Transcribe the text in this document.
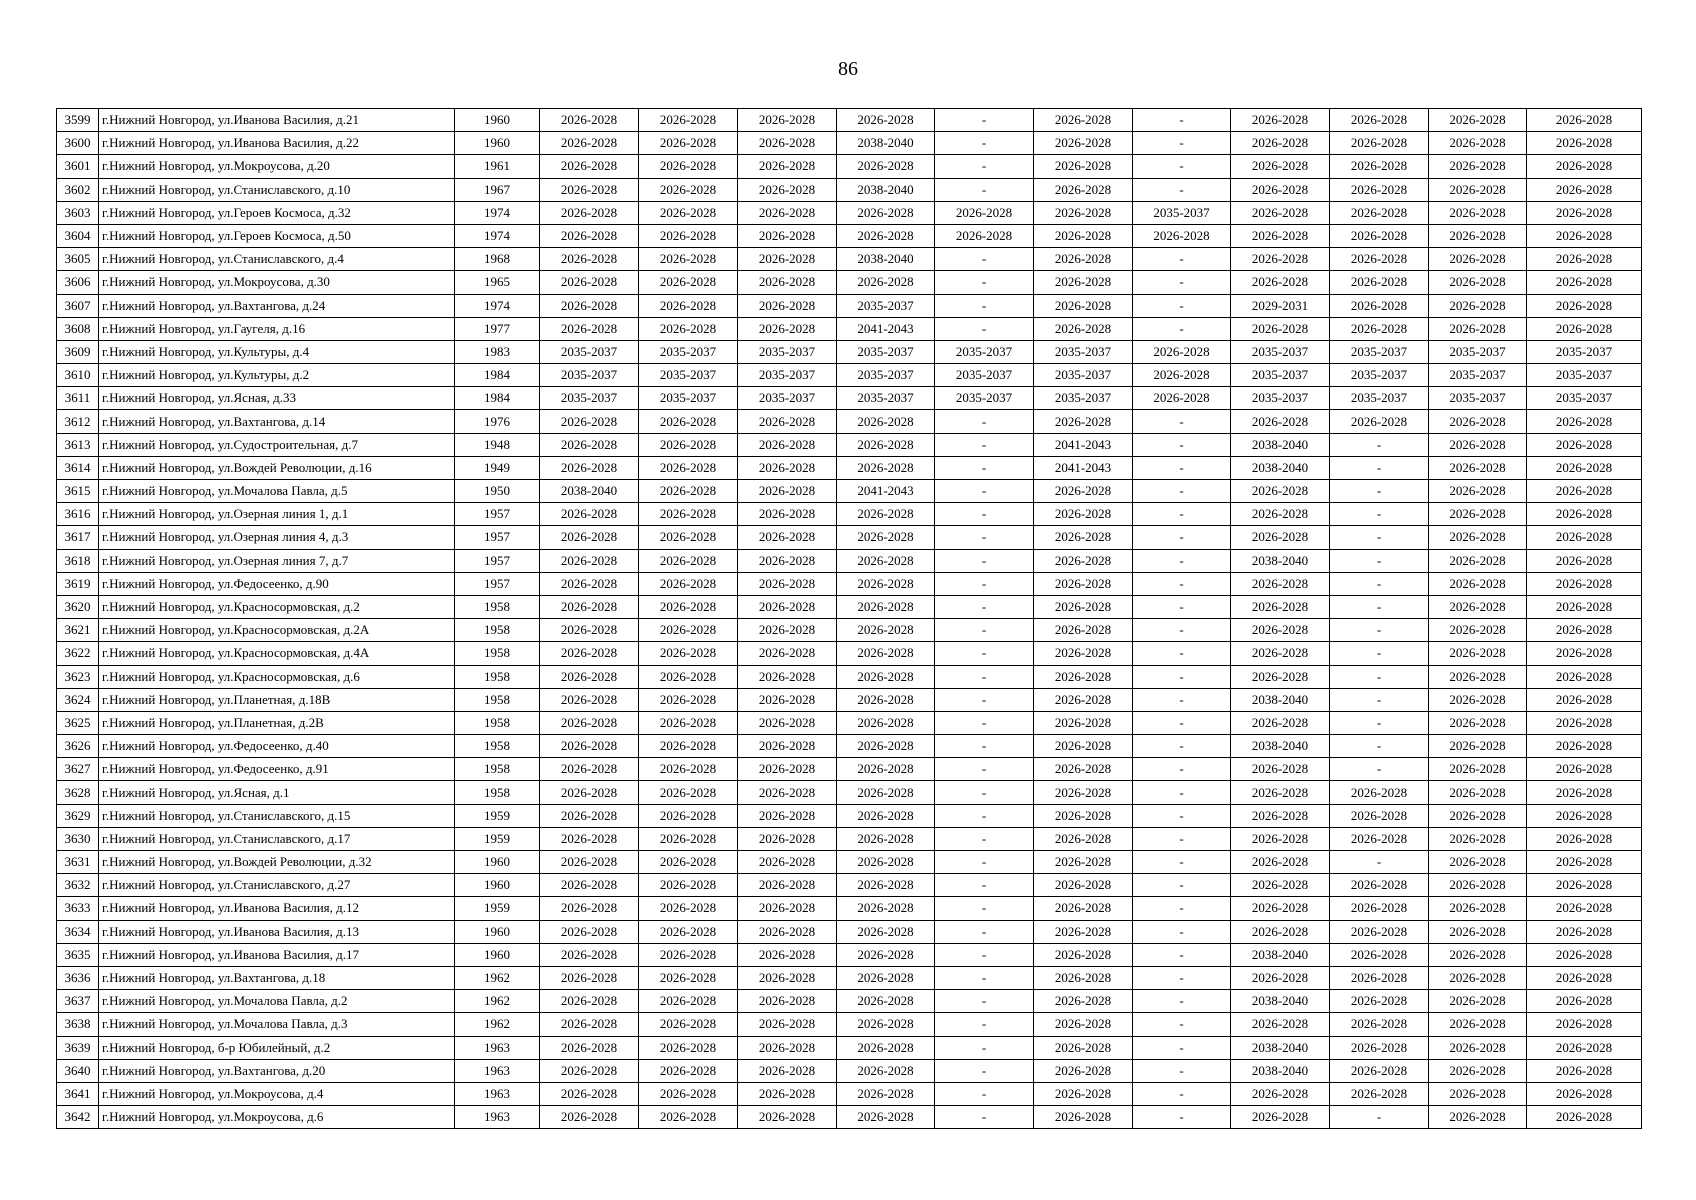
86
3599	г.Нижний Новгород, ул.Иванова Василия, д.21	1960	2026-2028	2026-2028	2026-2028	2026-2028	-	2026-2028	-	2026-2028	2026-2028	2026-2028	2026-2028
3600	г.Нижний Новгород, ул.Иванова Василия, д.22	1960	2026-2028	2026-2028	2026-2028	2038-2040	-	2026-2028	-	2026-2028	2026-2028	2026-2028	2026-2028
3601	г.Нижний Новгород, ул.Мокроусова, д.20	1961	2026-2028	2026-2028	2026-2028	2026-2028	-	2026-2028	-	2026-2028	2026-2028	2026-2028	2026-2028
3602	г.Нижний Новгород, ул.Станиславского, д.10	1967	2026-2028	2026-2028	2026-2028	2038-2040	-	2026-2028	-	2026-2028	2026-2028	2026-2028	2026-2028
3603	г.Нижний Новгород, ул.Героев Космоса, д.32	1974	2026-2028	2026-2028	2026-2028	2026-2028	2026-2028	2026-2028	2035-2037	2026-2028	2026-2028	2026-2028	2026-2028
3604	г.Нижний Новгород, ул.Героев Космоса, д.50	1974	2026-2028	2026-2028	2026-2028	2026-2028	2026-2028	2026-2028	2026-2028	2026-2028	2026-2028	2026-2028	2026-2028
3605	г.Нижний Новгород, ул.Станиславского, д.4	1968	2026-2028	2026-2028	2026-2028	2038-2040	-	2026-2028	-	2026-2028	2026-2028	2026-2028	2026-2028
3606	г.Нижний Новгород, ул.Мокроусова, д.30	1965	2026-2028	2026-2028	2026-2028	2026-2028	-	2026-2028	-	2026-2028	2026-2028	2026-2028	2026-2028
3607	г.Нижний Новгород, ул.Вахтангова, д.24	1974	2026-2028	2026-2028	2026-2028	2035-2037	-	2026-2028	-	2029-2031	2026-2028	2026-2028	2026-2028
3608	г.Нижний Новгород, ул.Гаугеля, д.16	1977	2026-2028	2026-2028	2026-2028	2041-2043	-	2026-2028	-	2026-2028	2026-2028	2026-2028	2026-2028
3609	г.Нижний Новгород, ул.Культуры, д.4	1983	2035-2037	2035-2037	2035-2037	2035-2037	2035-2037	2035-2037	2026-2028	2035-2037	2035-2037	2035-2037	2035-2037
3610	г.Нижний Новгород, ул.Культуры, д.2	1984	2035-2037	2035-2037	2035-2037	2035-2037	2035-2037	2035-2037	2026-2028	2035-2037	2035-2037	2035-2037	2035-2037
3611	г.Нижний Новгород, ул.Ясная, д.33	1984	2035-2037	2035-2037	2035-2037	2035-2037	2035-2037	2035-2037	2026-2028	2035-2037	2035-2037	2035-2037	2035-2037
3612	г.Нижний Новгород, ул.Вахтангова, д.14	1976	2026-2028	2026-2028	2026-2028	2026-2028	-	2026-2028	-	2026-2028	2026-2028	2026-2028	2026-2028
3613	г.Нижний Новгород, ул.Судостроительная, д.7	1948	2026-2028	2026-2028	2026-2028	2026-2028	-	2041-2043	-	2038-2040	-	2026-2028	2026-2028
3614	г.Нижний Новгород, ул.Вождей Революции, д.16	1949	2026-2028	2026-2028	2026-2028	2026-2028	-	2041-2043	-	2038-2040	-	2026-2028	2026-2028
3615	г.Нижний Новгород, ул.Мочалова Павла, д.5	1950	2038-2040	2026-2028	2026-2028	2041-2043	-	2026-2028	-	2026-2028	-	2026-2028	2026-2028
3616	г.Нижний Новгород, ул.Озерная линия 1, д.1	1957	2026-2028	2026-2028	2026-2028	2026-2028	-	2026-2028	-	2026-2028	-	2026-2028	2026-2028
3617	г.Нижний Новгород, ул.Озерная линия 4, д.3	1957	2026-2028	2026-2028	2026-2028	2026-2028	-	2026-2028	-	2026-2028	-	2026-2028	2026-2028
3618	г.Нижний Новгород, ул.Озерная линия 7, д.7	1957	2026-2028	2026-2028	2026-2028	2026-2028	-	2026-2028	-	2038-2040	-	2026-2028	2026-2028
3619	г.Нижний Новгород, ул.Федосеенко, д.90	1957	2026-2028	2026-2028	2026-2028	2026-2028	-	2026-2028	-	2026-2028	-	2026-2028	2026-2028
3620	г.Нижний Новгород, ул.Красносормовская, д.2	1958	2026-2028	2026-2028	2026-2028	2026-2028	-	2026-2028	-	2026-2028	-	2026-2028	2026-2028
3621	г.Нижний Новгород, ул.Красносормовская, д.2А	1958	2026-2028	2026-2028	2026-2028	2026-2028	-	2026-2028	-	2026-2028	-	2026-2028	2026-2028
3622	г.Нижний Новгород, ул.Красносормовская, д.4А	1958	2026-2028	2026-2028	2026-2028	2026-2028	-	2026-2028	-	2026-2028	-	2026-2028	2026-2028
3623	г.Нижний Новгород, ул.Красносормовская, д.6	1958	2026-2028	2026-2028	2026-2028	2026-2028	-	2026-2028	-	2026-2028	-	2026-2028	2026-2028
3624	г.Нижний Новгород, ул.Планетная, д.18В	1958	2026-2028	2026-2028	2026-2028	2026-2028	-	2026-2028	-	2038-2040	-	2026-2028	2026-2028
3625	г.Нижний Новгород, ул.Планетная, д.2В	1958	2026-2028	2026-2028	2026-2028	2026-2028	-	2026-2028	-	2026-2028	-	2026-2028	2026-2028
3626	г.Нижний Новгород, ул.Федосеенко, д.40	1958	2026-2028	2026-2028	2026-2028	2026-2028	-	2026-2028	-	2038-2040	-	2026-2028	2026-2028
3627	г.Нижний Новгород, ул.Федосеенко, д.91	1958	2026-2028	2026-2028	2026-2028	2026-2028	-	2026-2028	-	2026-2028	-	2026-2028	2026-2028
3628	г.Нижний Новгород, ул.Ясная, д.1	1958	2026-2028	2026-2028	2026-2028	2026-2028	-	2026-2028	-	2026-2028	2026-2028	2026-2028	2026-2028
3629	г.Нижний Новгород, ул.Станиславского, д.15	1959	2026-2028	2026-2028	2026-2028	2026-2028	-	2026-2028	-	2026-2028	2026-2028	2026-2028	2026-2028
3630	г.Нижний Новгород, ул.Станиславского, д.17	1959	2026-2028	2026-2028	2026-2028	2026-2028	-	2026-2028	-	2026-2028	2026-2028	2026-2028	2026-2028
3631	г.Нижний Новгород, ул.Вождей Революции, д.32	1960	2026-2028	2026-2028	2026-2028	2026-2028	-	2026-2028	-	2026-2028	-	2026-2028	2026-2028
3632	г.Нижний Новгород, ул.Станиславского, д.27	1960	2026-2028	2026-2028	2026-2028	2026-2028	-	2026-2028	-	2026-2028	2026-2028	2026-2028	2026-2028
3633	г.Нижний Новгород, ул.Иванова Василия, д.12	1959	2026-2028	2026-2028	2026-2028	2026-2028	-	2026-2028	-	2026-2028	2026-2028	2026-2028	2026-2028
3634	г.Нижний Новгород, ул.Иванова Василия, д.13	1960	2026-2028	2026-2028	2026-2028	2026-2028	-	2026-2028	-	2026-2028	2026-2028	2026-2028	2026-2028
3635	г.Нижний Новгород, ул.Иванова Василия, д.17	1960	2026-2028	2026-2028	2026-2028	2026-2028	-	2026-2028	-	2038-2040	2026-2028	2026-2028	2026-2028
3636	г.Нижний Новгород, ул.Вахтангова, д.18	1962	2026-2028	2026-2028	2026-2028	2026-2028	-	2026-2028	-	2026-2028	2026-2028	2026-2028	2026-2028
3637	г.Нижний Новгород, ул.Мочалова Павла, д.2	1962	2026-2028	2026-2028	2026-2028	2026-2028	-	2026-2028	-	2038-2040	2026-2028	2026-2028	2026-2028
3638	г.Нижний Новгород, ул.Мочалова Павла, д.3	1962	2026-2028	2026-2028	2026-2028	2026-2028	-	2026-2028	-	2026-2028	2026-2028	2026-2028	2026-2028
3639	г.Нижний Новгород, б-р Юбилейный, д.2	1963	2026-2028	2026-2028	2026-2028	2026-2028	-	2026-2028	-	2038-2040	2026-2028	2026-2028	2026-2028
3640	г.Нижний Новгород, ул.Вахтангова, д.20	1963	2026-2028	2026-2028	2026-2028	2026-2028	-	2026-2028	-	2038-2040	2026-2028	2026-2028	2026-2028
3641	г.Нижний Новгород, ул.Мокроусова, д.4	1963	2026-2028	2026-2028	2026-2028	2026-2028	-	2026-2028	-	2026-2028	2026-2028	2026-2028	2026-2028
3642	г.Нижний Новгород, ул.Мокроусова, д.6	1963	2026-2028	2026-2028	2026-2028	2026-2028	-	2026-2028	-	2026-2028	-	2026-2028	2026-2028
